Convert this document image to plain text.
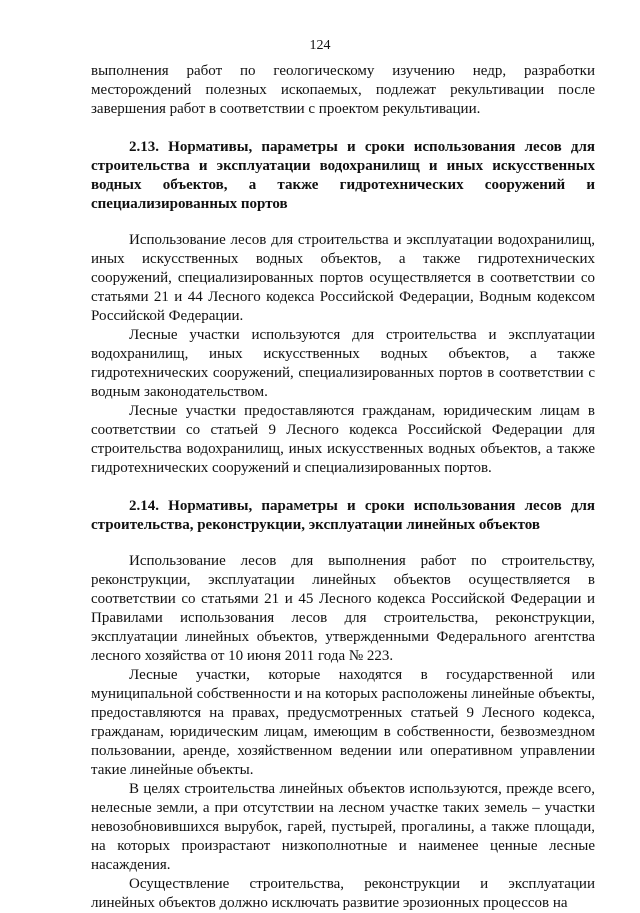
124

выполнения работ по геологическому изучению недр, разработки месторождений полезных ископаемых, подлежат рекультивации после завершения работ в соответствии с проектом рекультивации.

2.13. Нормативы, параметры и сроки использования лесов для строительства и эксплуатации водохранилищ и иных искусственных водных объектов, а также гидротехнических сооружений и специализированных портов

Использование лесов для строительства и эксплуатации водохранилищ, иных искусственных водных объектов, а также гидротехнических сооружений, специализированных портов осуществляется в соответствии со статьями 21 и 44 Лесного кодекса Российской Федерации, Водным кодексом Российской Федерации.

Лесные участки используются для строительства и эксплуатации водохранилищ, иных искусственных водных объектов, а также гидротехнических сооружений, специализированных портов в соответствии с водным законодательством.

Лесные участки предоставляются гражданам, юридическим лицам в соответствии со статьей 9 Лесного кодекса Российской Федерации для строительства водохранилищ, иных искусственных водных объектов, а также гидротехнических сооружений и специализированных портов.

2.14. Нормативы, параметры и сроки использования лесов для строительства, реконструкции, эксплуатации линейных объектов

Использование лесов для выполнения работ по строительству, реконструкции, эксплуатации линейных объектов осуществляется в соответствии со статьями 21 и 45 Лесного кодекса Российской Федерации и Правилами использования лесов для строительства, реконструкции, эксплуатации линейных объектов, утвержденными Федерального агентства лесного хозяйства от 10 июня 2011 года № 223.

Лесные участки, которые находятся в государственной или муниципальной собственности и на которых расположены линейные объекты, предоставляются на правах, предусмотренных статьей 9 Лесного кодекса, гражданам, юридическим лицам, имеющим в собственности, безвозмездном пользовании, аренде, хозяйственном ведении или оперативном управлении такие линейные объекты.

В целях строительства линейных объектов используются, прежде всего, нелесные земли, а при отсутствии на лесном участке таких земель – участки невозобновившихся вырубок, гарей, пустырей, прогалины, а также площади, на которых произрастают низкополнотные и наименее ценные лесные насаждения.

Осуществление строительства, реконструкции и эксплуатации линейных объектов должно исключать развитие эрозионных процессов на
